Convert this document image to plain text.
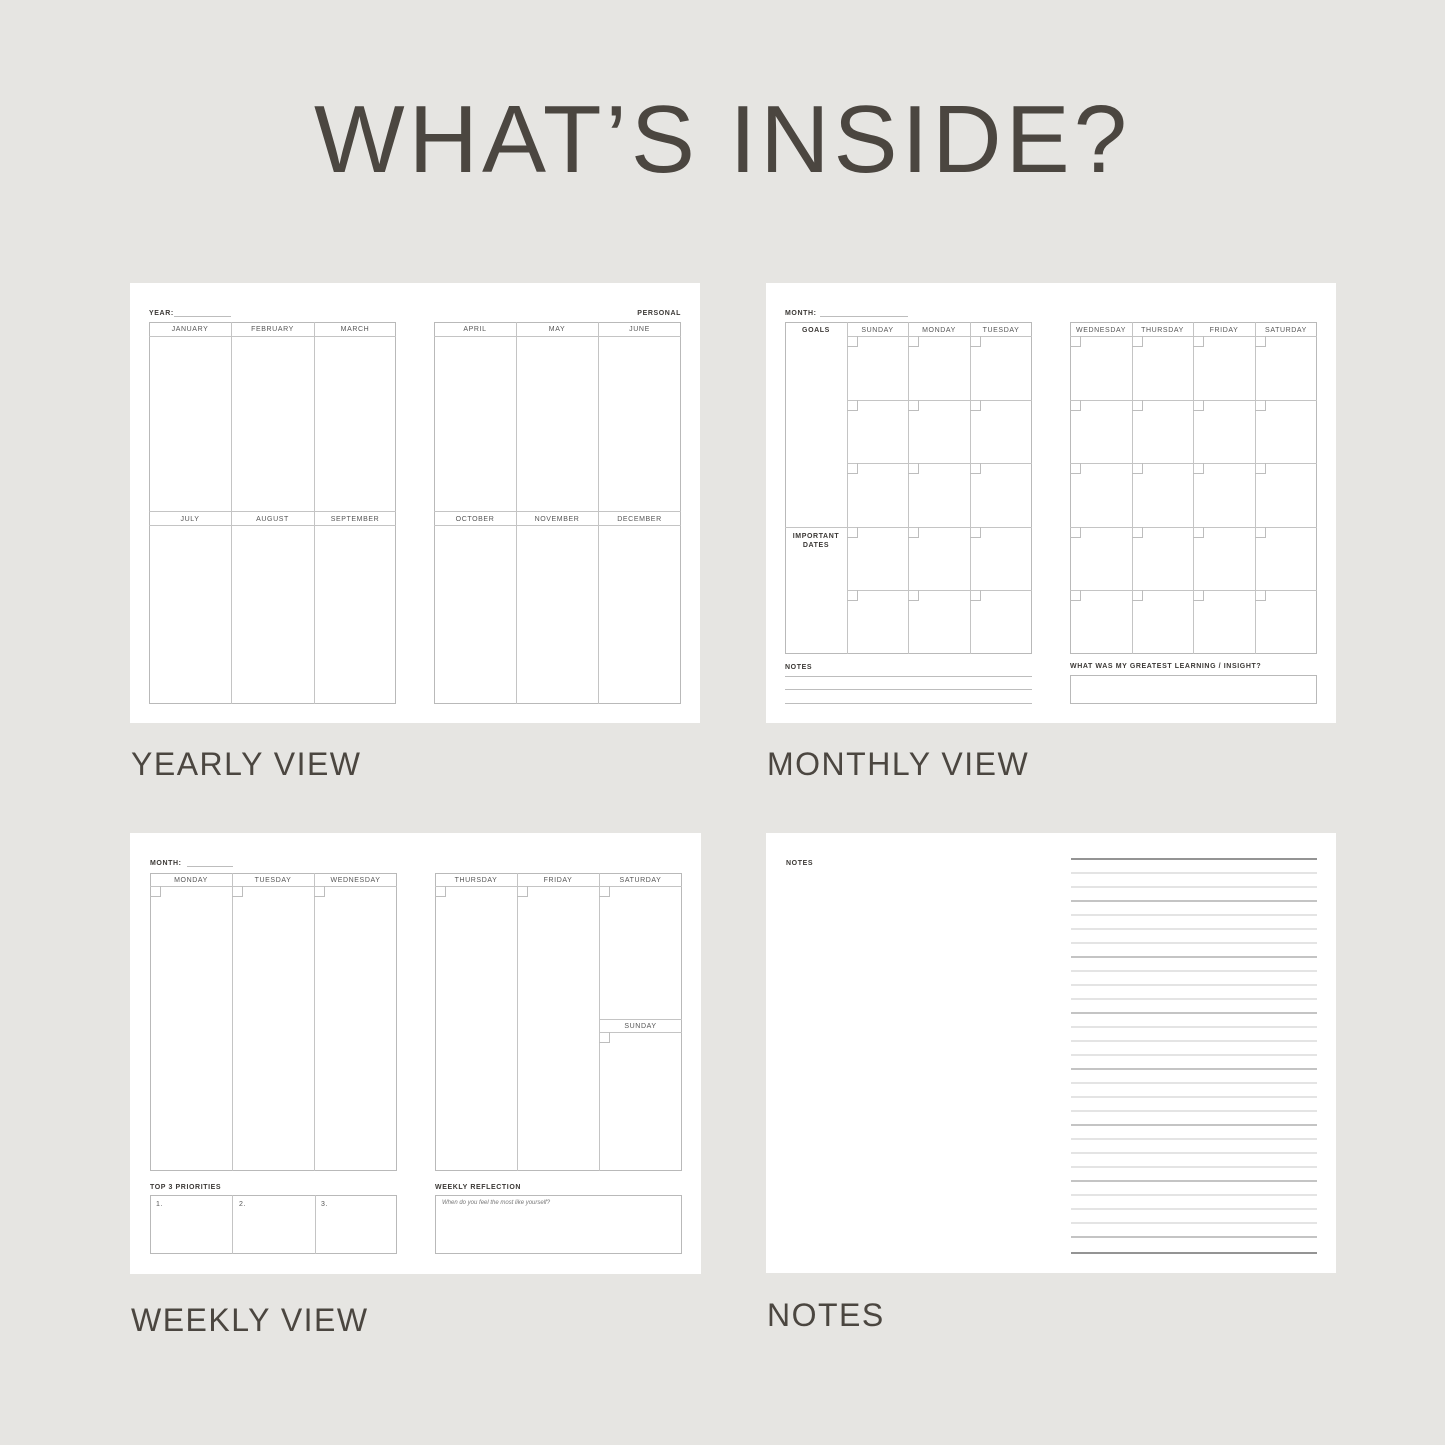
WHAT’S INSIDE?
YEAR:	PERSONAL
JANUARY	FEBRUARY	MARCH
JULY	AUGUST	SEPTEMBER
APRIL	MAY	JUNE
OCTOBER	NOVEMBER	DECEMBER
YEARLY VIEW
MONTH:
GOALS
IMPORTANT
DATES
SUNDAY	MONDAY	TUESDAY
NOTES
WEDNESDAY	THURSDAY	FRIDAY	SATURDAY
WHAT WAS MY GREATEST LEARNING / INSIGHT?
MONTHLY VIEW
MONTH:
MONDAY	TUESDAY	WEDNESDAY
TOP 3 PRIORITIES
1.	2.	3.
THURSDAY	FRIDAY	SATURDAY
SUNDAY
WEEKLY REFLECTION
When do you feel the most like yourself?
WEEKLY VIEW
NOTES
NOTES
